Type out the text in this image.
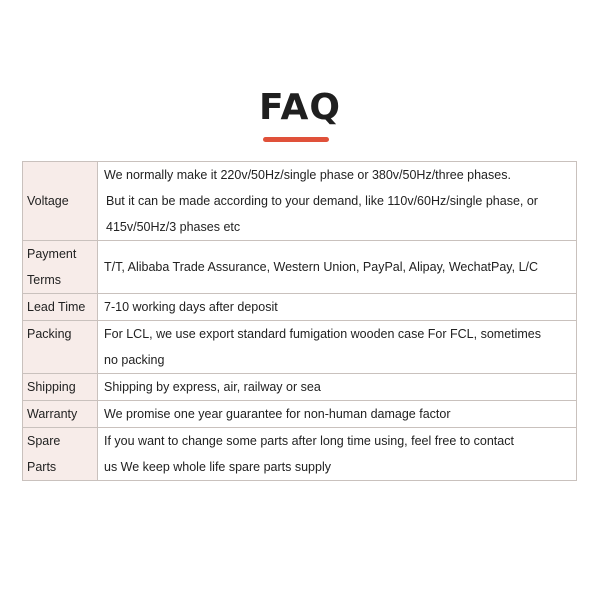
FAQ
Voltage	We normally make it 220v/50Hz/single phase or 380v/50Hz/three phases.
But it can be made according to your demand, like 110v/60Hz/single phase, or
415v/50Hz/3 phases etc

Payment
Terms	T/T, Alibaba Trade Assurance, Western Union, PayPal, Alipay, WechatPay, L/C

Lead Time	7-10 working days after deposit

Packing	For LCL, we use export standard fumigation wooden case For FCL, sometimes
no packing

Shipping	Shipping by express, air, railway or sea

Warranty	We promise one year guarantee for non-human damage factor

Spare
Parts	If you want to change some parts after long time using, feel free to contact
us We keep whole life spare parts supply
